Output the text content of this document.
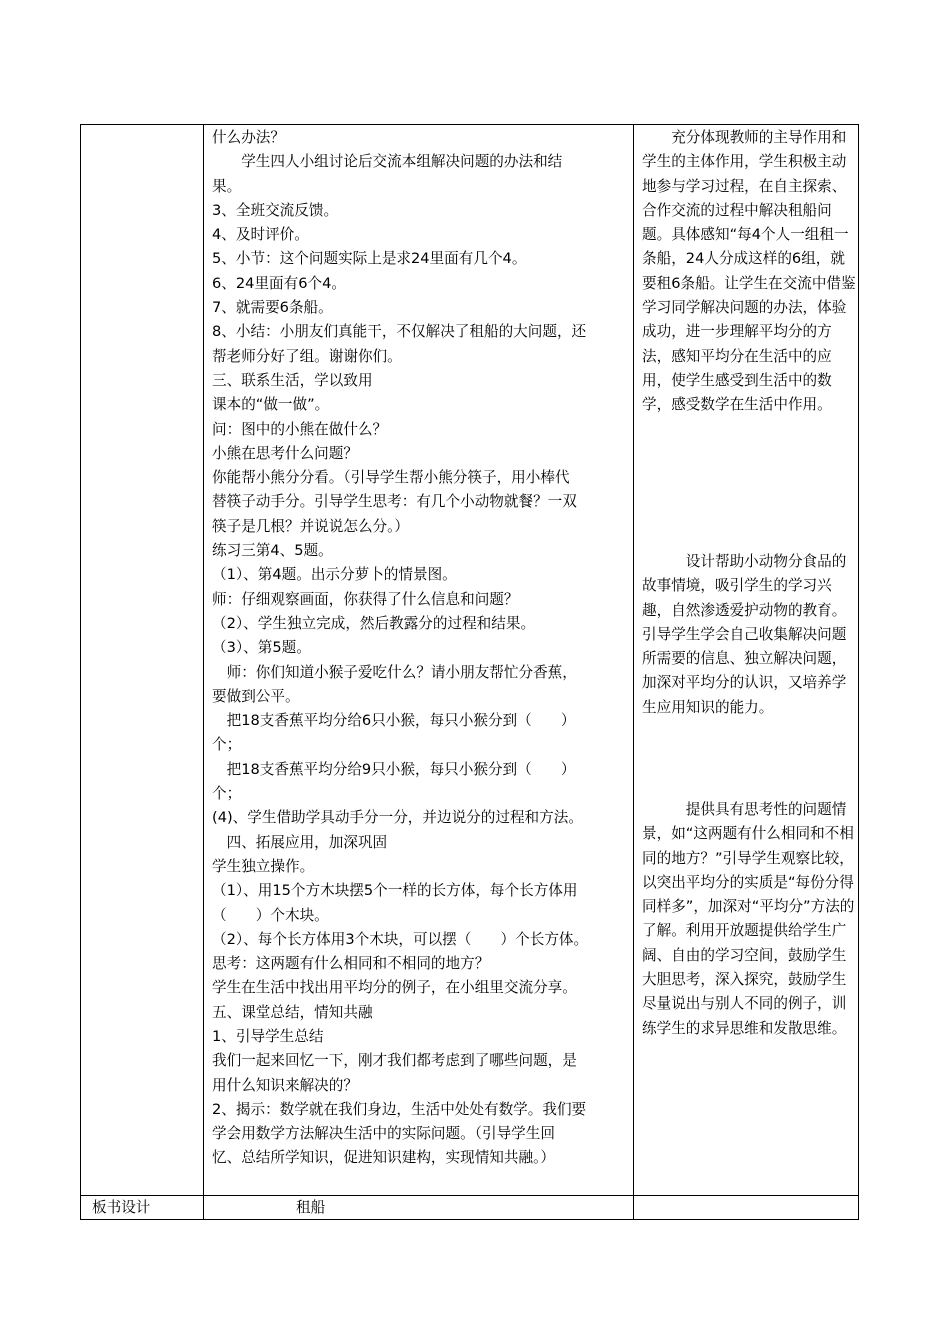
什么办法？
　　学生四人小组讨论后交流本组解决问题的办法和结
果。
3、全班交流反馈。
4、及时评价。
5、小节：这个问题实际上是求24里面有几个4。
6、24里面有6个4。
7、就需要6条船。
8、小结：小朋友们真能干，不仅解决了租船的大问题，还
帮老师分好了组。谢谢你们。
三、联系生活，学以致用
课本的“做一做”。
问：图中的小熊在做什么？
小熊在思考什么问题？
你能帮小熊分分看。（引导学生帮小熊分筷子，用小棒代
替筷子动手分。引导学生思考：有几个小动物就餐？一双
筷子是几根？并说说怎么分。）
练习三第4、5题。
（1）、第4题。出示分萝卜的情景图。
师：仔细观察画面，你获得了什么信息和问题？
（2）、学生独立完成，然后教露分的过程和结果。
（3）、第5题。
　师：你们知道小猴子爱吃什么？请小朋友帮忙分香蕉，
要做到公平。
　把18支香蕉平均分给6只小猴，每只小猴分到（　　）
个；
　把18支香蕉平均分给9只小猴，每只小猴分到（　　）
个；
(4)、学生借助学具动手分一分，并边说分的过程和方法。
　四、拓展应用，加深巩固
学生独立操作。
（1）、用15个方木块摆5个一样的长方体，每个长方体用
（　　）个木块。
（2）、每个长方体用3个木块，可以摆（　　）个长方体。
思考：这两题有什么相同和不相同的地方？
学生在生活中找出用平均分的例子，在小组里交流分享。
五、课堂总结，情知共融
1、引导学生总结
我们一起来回忆一下，刚才我们都考虑到了哪些问题，是
用什么知识来解决的？
2、揭示：数学就在我们身边，生活中处处有数学。我们要
学会用数学方法解决生活中的实际问题。（引导学生回
忆、总结所学知识，促进知识建构，实现情知共融。）
　　充分体现教师的主导作用和学生的主体作用，学生积极主动地参与学习过程，在自主探索、合作交流的过程中解决租船问题。具体感知“每4个人一组租一条船，24人分成这样的6组，就要租6条船。让学生在交流中借鉴学习同学解决问题的办法，体验成功，进一步理解平均分的方法，感知平均分在生活中的应用，使学生感受到生活中的数学，感受数学在生活中作用。
　　　设计帮助小动物分食品的故事情境，吸引学生的学习兴趣，自然渗透爱护动物的教育。引导学生学会自己收集解决问题所需要的信息、独立解决问题，加深对平均分的认识，又培养学生应用知识的能力。
　　　提供具有思考性的问题情景，如“这两题有什么相同和不相同的地方？”引导学生观察比较，以突出平均分的实质是“每份分得同样多”，加深对“平均分”方法的了解。利用开放题提供给学生广阔、自由的学习空间，鼓励学生大胆思考，深入探究，鼓励学生尽量说出与别人不同的例子，训练学生的求异思维和发散思维。
板书设计	租船
